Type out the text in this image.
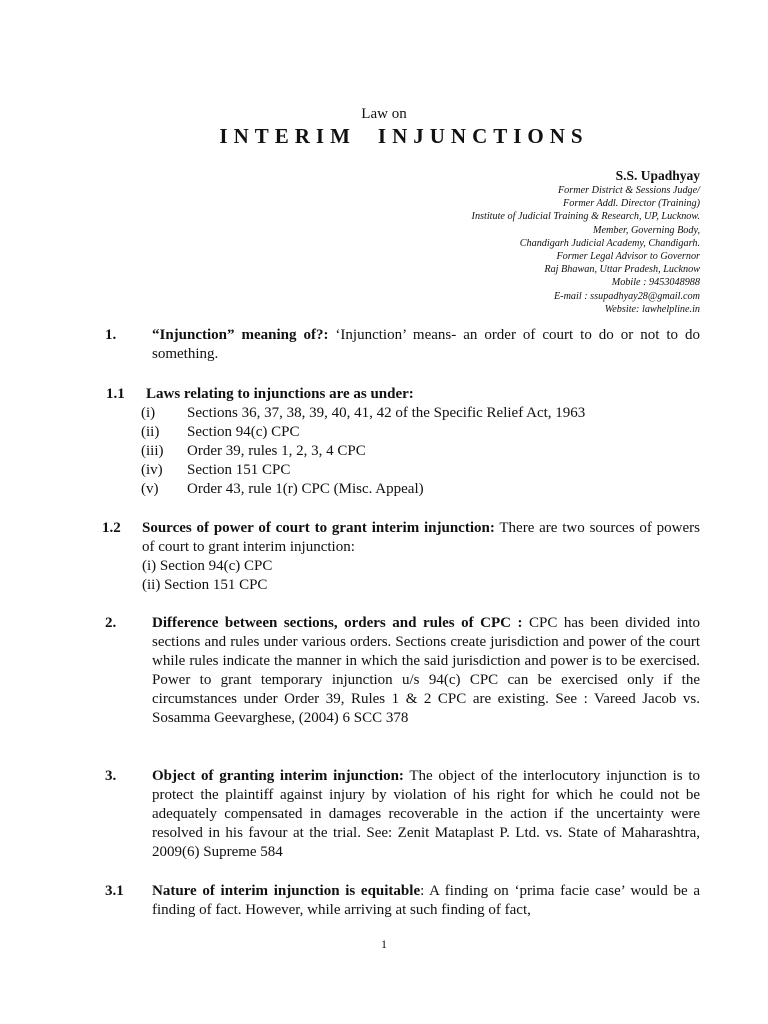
Law on
INTERIM INJUNCTIONS
S.S. Upadhyay
Former District & Sessions Judge/
Former Addl. Director (Training)
Institute of Judicial Training & Research, UP, Lucknow.
Member, Governing Body,
Chandigarh Judicial Academy, Chandigarh.
Former Legal Advisor to Governor
Raj Bhawan, Uttar Pradesh, Lucknow
Mobile : 9453048988
E-mail : ssupadhyay28@gmail.com
Website: lawhelpline.in
1. “Injunction” meaning of?: ‘Injunction’ means- an order of court to do or not to do something.
1.1 Laws relating to injunctions are as under:
(i) Sections 36, 37, 38, 39, 40, 41, 42 of the Specific Relief Act, 1963
(ii) Section 94(c) CPC
(iii) Order 39, rules 1, 2, 3, 4 CPC
(iv) Section 151 CPC
(v) Order 43, rule 1(r) CPC (Misc. Appeal)
1.2 Sources of power of court to grant interim injunction: There are two sources of powers of court to grant interim injunction:
(i) Section 94(c) CPC
(ii) Section 151 CPC
2. Difference between sections, orders and rules of CPC : CPC has been divided into sections and rules under various orders. Sections create jurisdiction and power of the court while rules indicate the manner in which the said jurisdiction and power is to be exercised. Power to grant temporary injunction u/s 94(c) CPC can be exercised only if the circumstances under Order 39, Rules 1 & 2 CPC are existing. See : Vareed Jacob vs. Sosamma Geevarghese, (2004) 6 SCC 378
3. Object of granting interim injunction: The object of the interlocutory injunction is to protect the plaintiff against injury by violation of his right for which he could not be adequately compensated in damages recoverable in the action if the uncertainty were resolved in his favour at the trial. See: Zenit Mataplast P. Ltd. vs. State of Maharashtra, 2009(6) Supreme 584
3.1 Nature of interim injunction is equitable: A finding on ‘prima facie case’ would be a finding of fact. However, while arriving at such finding of fact,
1
